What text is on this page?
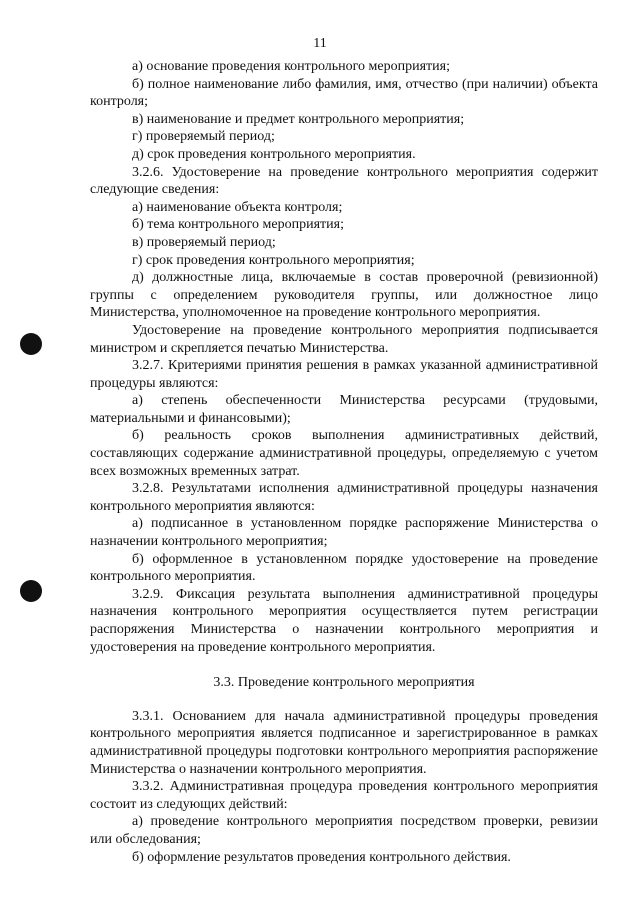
11

а) основание проведения контрольного мероприятия;

б) полное наименование либо фамилия, имя, отчество (при наличии) объекта контроля;

в) наименование и предмет контрольного мероприятия;

г) проверяемый период;

д) срок проведения контрольного мероприятия.

3.2.6. Удостоверение на проведение контрольного мероприятия содержит следующие сведения:

а) наименование объекта контроля;

б) тема контрольного мероприятия;

в) проверяемый период;

г) срок проведения контрольного мероприятия;

д) должностные лица, включаемые в состав проверочной (ревизионной) группы с определением руководителя группы, или должностное лицо Министерства, уполномоченное на проведение контрольного мероприятия.

Удостоверение на проведение контрольного мероприятия подписывается министром и скрепляется печатью Министерства.

3.2.7. Критериями принятия решения в рамках указанной административной процедуры являются:

а) степень обеспеченности Министерства ресурсами (трудовыми, материальными и финансовыми);

б) реальность сроков выполнения административных действий, составляющих содержание административной процедуры, определяемую с учетом всех возможных временных затрат.

3.2.8. Результатами исполнения административной процедуры назначения контрольного мероприятия являются:

а) подписанное в установленном порядке распоряжение Министерства о назначении контрольного мероприятия;

б) оформленное в установленном порядке удостоверение на проведение контрольного мероприятия.

3.2.9. Фиксация результата выполнения административной процедуры назначения контрольного мероприятия осуществляется путем регистрации распоряжения Министерства о назначении контрольного мероприятия и удостоверения на проведение контрольного мероприятия.

3.3. Проведение контрольного мероприятия

3.3.1. Основанием для начала административной процедуры проведения контрольного мероприятия является подписанное и зарегистрированное в рамках административной процедуры подготовки контрольного мероприятия распоряжение Министерства о назначении контрольного мероприятия.

3.3.2. Административная процедура проведения контрольного мероприятия состоит из следующих действий:

а) проведение контрольного мероприятия посредством проверки, ревизии или обследования;

б) оформление результатов проведения контрольного действия.
